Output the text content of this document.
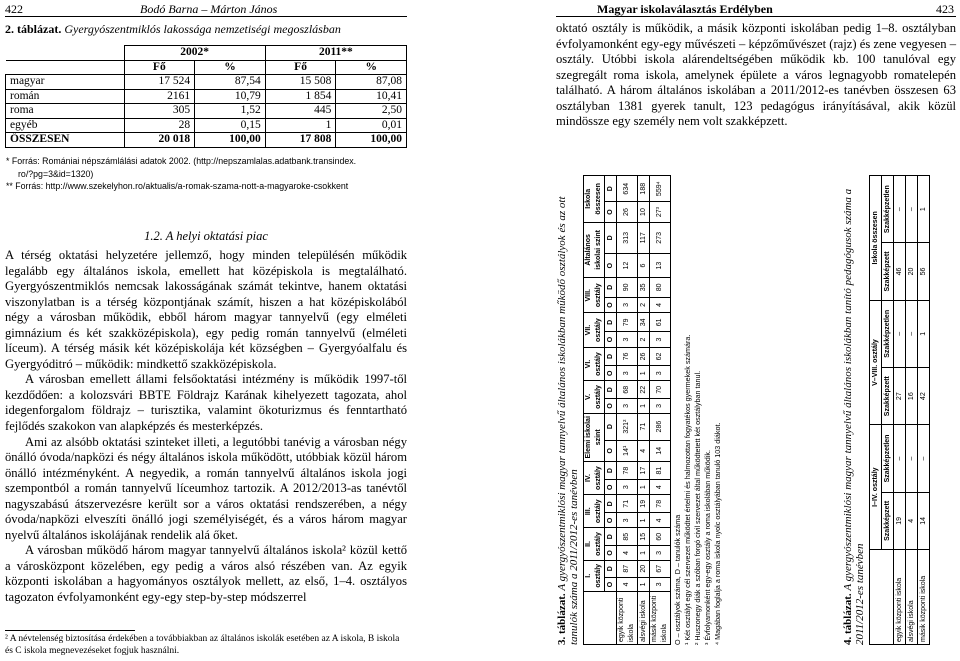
422	Bodó Barna – Márton János	Magyar iskolaválasztás Erdélyben	423
2. táblázat. Gyergyószentmiklós lakossága nemzetiségi megoszlásban
	2002*		2011**	
	Fő	%	Fő	%
magyar	17 524	87,54	15 508	87,08
román	2161	10,79	1 854	10,41
roma	305	1,52	445	2,50
egyéb	28	0,15	1	0,01
ÖSSZESEN	20 018	100,00	17 808	100,00
* Forrás: Romániai népszámlálási adatok 2002. (http://nepszamlalas.adatbank.transindex.
ro/?pg=3&id=1320)
** Forrás: http://www.szekelyhon.ro/aktualis/a-romak-szama-nott-a-magyaroke-csokkent
1.2. A helyi oktatási piac

A térség oktatási helyzetére jellemző, hogy minden településén működik legalább egy általános iskola, emellett hat középiskola is megtalálható. Gyergyószentmiklós nemcsak lakosságának számát tekintve, hanem oktatási viszonylatban is a térség központjának számít, hiszen a hat középiskolából négy a városban működik, ebből három magyar tannyelvű (egy elméleti gimnázium és két szakközépiskola), egy pedig román tannyelvű (elméleti líceum). A térség másik két középiskolája két községben – Gyergyóalfalu és Gyergyóditró – működik: mindkettő szakközépiskola.

A városban emellett állami felsőoktatási intézmény is működik 1997-től kezdődően: a kolozsvári BBTE Földrajz Karának kihelyezett tagozata, ahol idegenforgalom földrajz – turisztika, valamint ökoturizmus és fenntartható fejlődés szakokon van alapképzés és mesterképzés.

Ami az alsóbb oktatási szinteket illeti, a legutóbbi tanévig a városban négy önálló óvoda/napközi és négy általános iskola működött, utóbbiak közül három önálló intézményként. A negyedik, a román tannyelvű általános iskola jogi szempontból a román tannyelvű líceumhoz tartozik. A 2012/2013-as tanévtől nagyszabású átszervezésre került sor a város oktatási rendszerében, a négy óvoda/napközi elveszíti önálló jogi személyiségét, és a város három magyar nyelvű általános iskolájának rendelik alá őket.

A városban működő három magyar tannyelvű általános iskola² közül kettő a városközpont közelében, egy pedig a város alsó részében van. Az egyik központi iskolában a hagyományos osztályok mellett, az első, 1–4. osztályos tagozaton évfolyamonként egy-egy step-by-step módszerrel

² A névtelenség biztosítása érdekében a továbbiakban az általános iskolák esetében az A iskola, B iskola és C iskola megnevezéseket fogjuk használni.

oktató osztály is működik, a másik központi iskolában pedig 1–8. osztályban évfolyamonként egy-egy művészeti – képzőművészet (rajz) és zene vegyesen – osztály. Utóbbi iskola alárendeltségében működik kb. 100 tanulóval egy szegregált roma iskola, amelynek épülete a város legnagyobb romatelepén található. A három általános iskolában a 2011/2012-es tanévben összesen 63 osztályban 1381 gyerek tanult, 123 pedagógus irányításával, akik közül mindössze egy személy nem volt szakképzett.

3. táblázat. A gyergyószentmiklósi magyar tannyelvű általános iskolákban működő osztályok és az ott tanulók száma a 2011/2012-es tanévben
	I. osztály		II. osztály		III. osztály		IV. osztály		Elemi iskolai szint		V. osztály		VI. osztály		VII. osztály		VIII. osztály		Általános iskolai szint		Iskola összesen	
	O	D	O	D	O	D	O	D	O	D	O	D	O	D	O	D	O	D	O	D	O	D
egyik központi iskola	4	87	4	85	3	71	3	78	14¹	321²	3	68	3	76	3	79	3	90	12	313	26	634
alsvégi iskola	1	20	1	15	1	19	1	17	4	71	1	22	1	26	2	34	2	35	6	117	10	188
másik központi iskola	3	67	3	60	4	78	4	81	14	286	3	70	3	62	3	61	4	80	13	273	27³	559⁴
O – osztályok száma, D – tanulók száma ¹ Két osztályt egy cél szervezet működtet értelmi és halmozottan fogyatékos gyermekek számára. ² Huszonegy diák a szóban forgó civil szervezet által működtetett két osztályban tanul. ³ Évfolyamonként egy-egy osztály a roma iskolában működik. ⁴ Magában foglalja a roma iskola nyolc osztályában tanuló 103 diákot.	4. táblázat. A gyergyószentmiklósi magyar tannyelvű általános iskolákban tanító pedagógusok száma a 2011/2012-es tanévben
	I–IV. osztály		V–VIII. osztály		Iskola összesen	
	Szakképzett	Szakképzetlen	Szakképzett	Szakképzetlen	Szakképzett	Szakképzetlen
egyik központi iskola	19	–	27	–	46	–
alsvégi iskola	4	–	16	–	20	–
másik központi iskola	14	–	42	1	56	1
